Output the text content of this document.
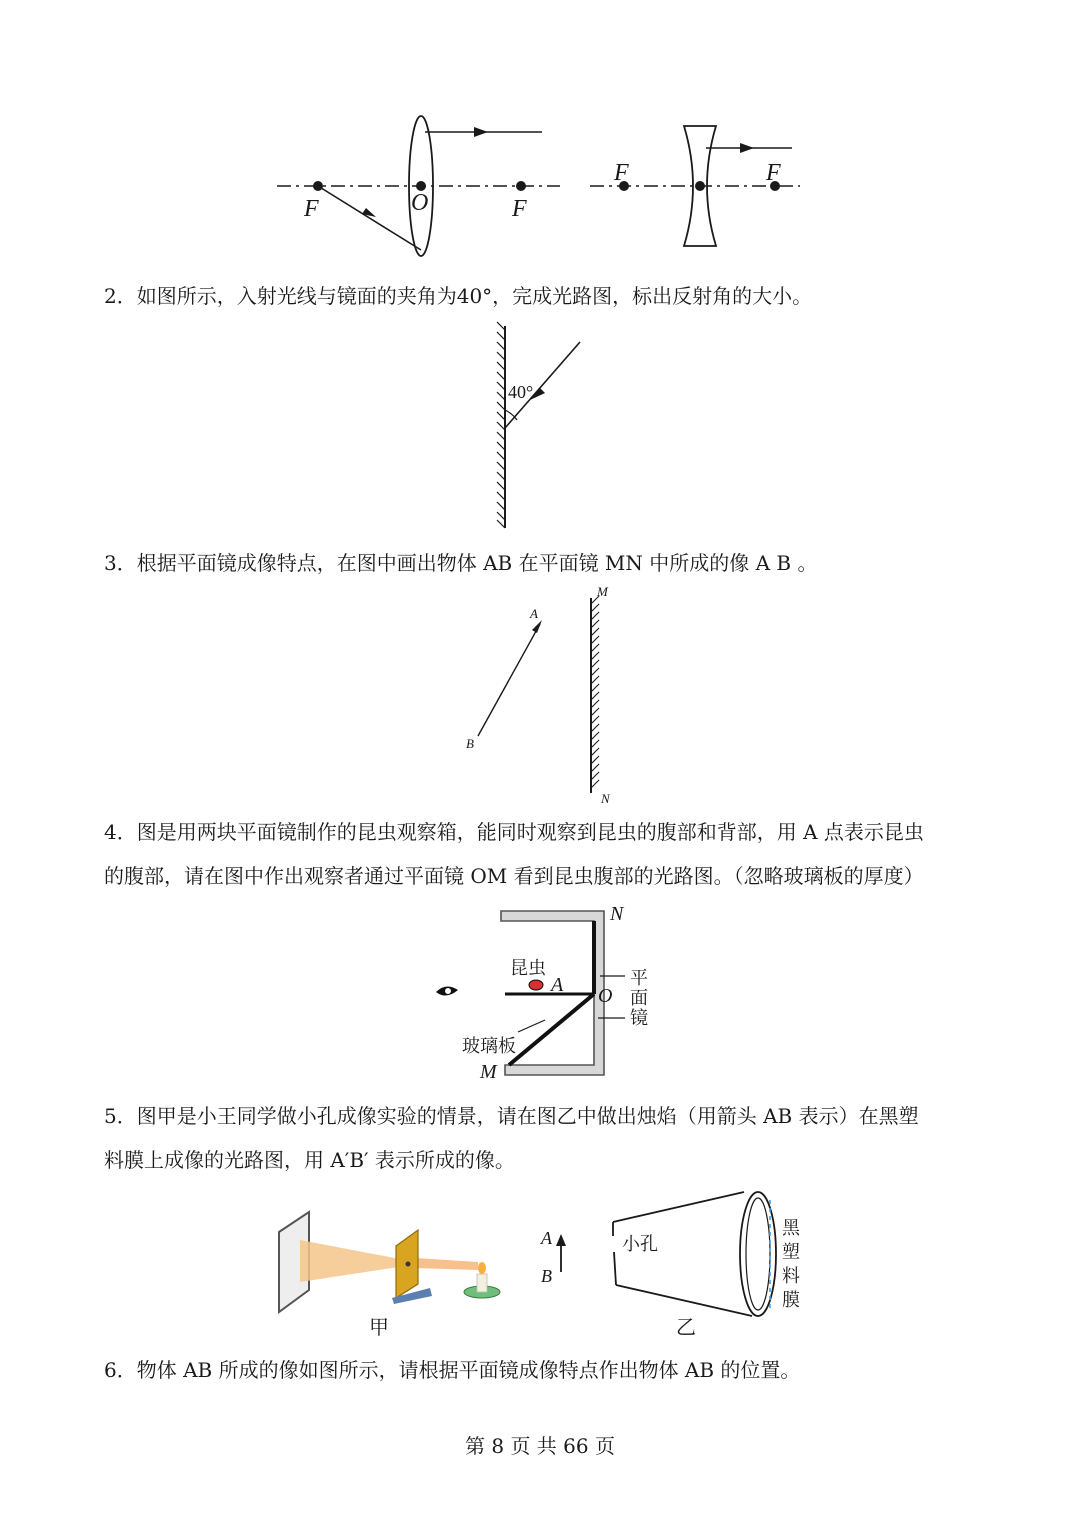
F	O	F
F	F

2．如图所示，入射光线与镜面的夹角为40°，完成光路图，标出反射角的大小。

40°

3．根据平面镜成像特点，在图中画出物体 AB 在平面镜 MN 中所成的像 A B 。

A
B
M
N

4．图是用两块平面镜制作的昆虫观察箱，能同时观察到昆虫的腹部和背部，用 A 点表示昆虫

的腹部，请在图中作出观察者通过平面镜 OM 看到昆虫腹部的光路图。（忽略玻璃板的厚度）

N
昆虫
A O
平
面
镜
玻璃板
M

5．图甲是小王同学做小孔成像实验的情景，请在图乙中做出烛焰（用箭头 AB 表示）在黑塑

料膜上成像的光路图，用 A′B′ 表示所成的像。

甲
A
B
小孔
黑
塑
料
膜
乙

6．物体 AB 所成的像如图所示，请根据平面镜成像特点作出物体 AB 的位置。

第 8 页 共 66 页
